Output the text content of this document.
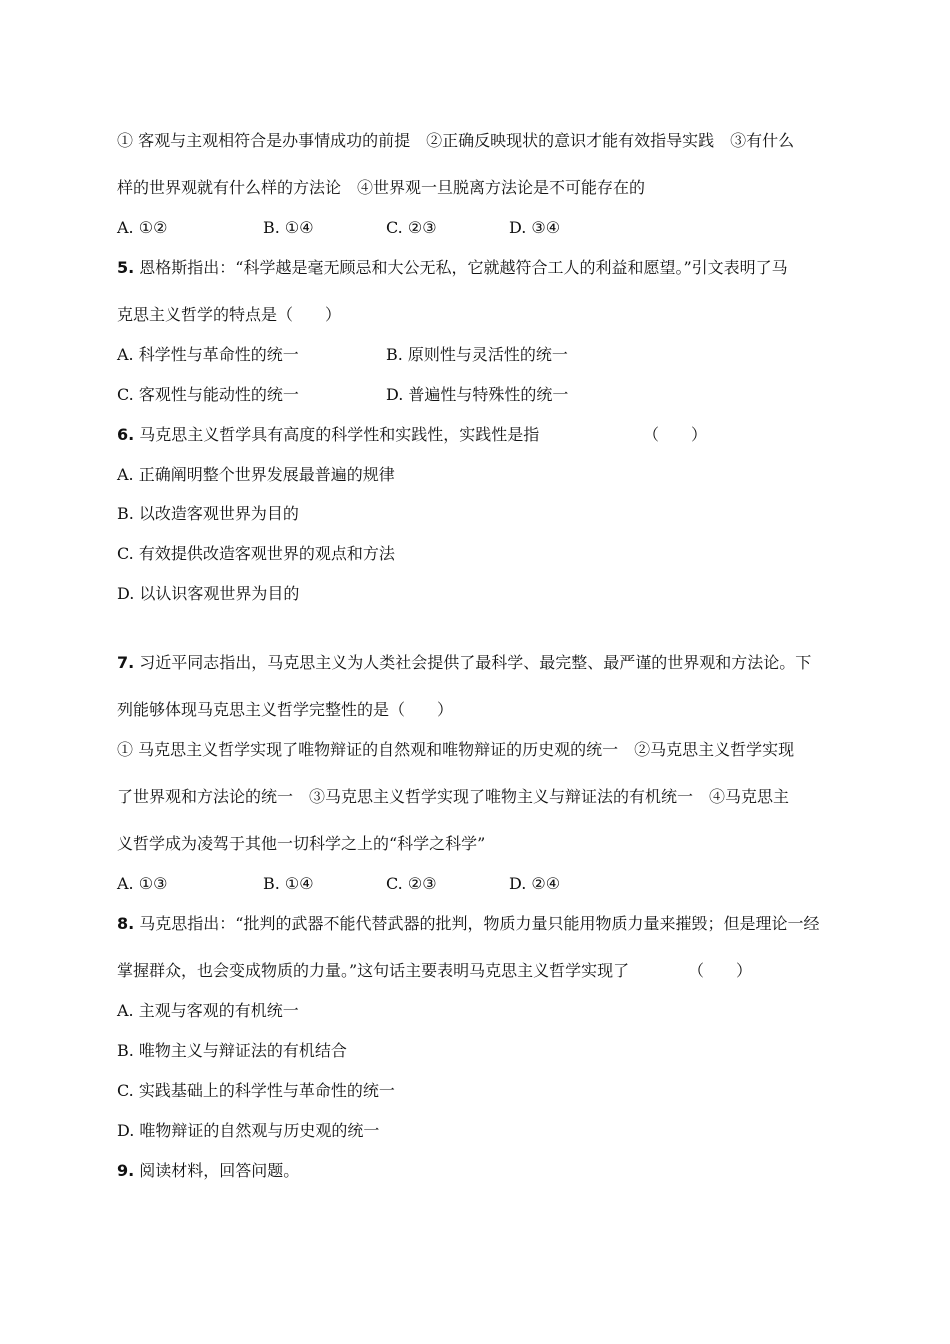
① 客观与主观相符合是办事情成功的前提　②正确反映现状的意识才能有效指导实践　③有什么
样的世界观就有什么样的方法论　④世界观一旦脱离方法论是不可能存在的
A. ①②	B. ①④	C. ②③	D. ③④
5. 恩格斯指出：“科学越是毫无顾忌和大公无私，它就越符合工人的利益和愿望。”引文表明了马
克思主义哲学的特点是（　　）
A. 科学性与革命性的统一	B. 原则性与灵活性的统一
C. 客观性与能动性的统一	D. 普遍性与特殊性的统一
6. 马克思主义哲学具有高度的科学性和实践性，实践性是指	（　　）
A. 正确阐明整个世界发展最普遍的规律
B. 以改造客观世界为目的
C. 有效提供改造客观世界的观点和方法
D. 以认识客观世界为目的
7. 习近平同志指出，马克思主义为人类社会提供了最科学、最完整、最严谨的世界观和方法论。下
列能够体现马克思主义哲学完整性的是（　　）
① 马克思主义哲学实现了唯物辩证的自然观和唯物辩证的历史观的统一　②马克思主义哲学实现
了世界观和方法论的统一　③马克思主义哲学实现了唯物主义与辩证法的有机统一　④马克思主
义哲学成为凌驾于其他一切科学之上的“科学之科学”
A. ①③	B. ①④	C. ②③	D. ②④
8. 马克思指出：“批判的武器不能代替武器的批判，物质力量只能用物质力量来摧毁；但是理论一经
掌握群众，也会变成物质的力量。”这句话主要表明马克思主义哲学实现了	（　　）
A. 主观与客观的有机统一
B. 唯物主义与辩证法的有机结合
C. 实践基础上的科学性与革命性的统一
D. 唯物辩证的自然观与历史观的统一
9. 阅读材料，回答问题。
